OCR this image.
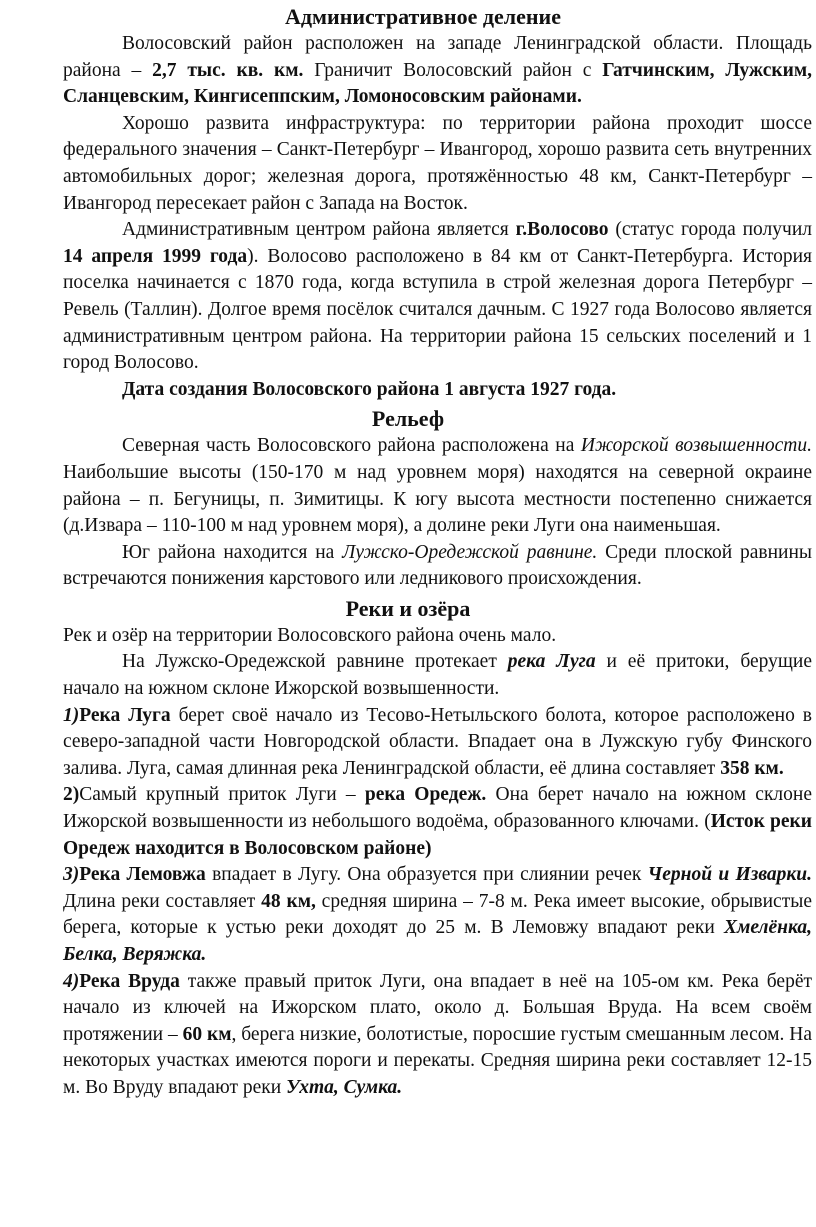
Административное деление

Волосовский район расположен на западе Ленинградской области. Площадь района – 2,7 тыс. кв. км. Граничит Волосовский район с Гатчинским, Лужским, Сланцевским, Кингисеппским, Ломоносовским районами.

Хорошо развита инфраструктура: по территории района проходит шоссе федерального значения – Санкт-Петербург – Ивангород, хорошо развита сеть внутренних автомобильных дорог; железная дорога, протяжённостью 48 км, Санкт-Петербург – Ивангород пересекает район с Запада на Восток.

Административным центром района является г.Волосово (статус города получил 14 апреля 1999 года). Волосово расположено в 84 км от Санкт-Петербурга. История поселка начинается с 1870 года, когда вступила в строй железная дорога Петербург – Ревель (Таллин). Долгое время посёлок считался дачным. С 1927 года Волосово является административным центром района. На территории района 15 сельских поселений и 1 город Волосово.

Дата создания Волосовского района 1 августа 1927 года.

Рельеф

Северная часть Волосовского района расположена на Ижорской возвышенности. Наибольшие высоты (150-170 м над уровнем моря) находятся на северной окраине района – п. Бегуницы, п. Зимитицы. К югу высота местности постепенно снижается (д.Извара – 110-100 м над уровнем моря), а долине реки Луги она наименьшая.

Юг района находится на Лужско-Оредежской равнине. Среди плоской равнины встречаются понижения карстового или ледникового происхождения.

Реки и озёра

Рек и озёр на территории Волосовского района очень мало.

На Лужско-Оредежской равнине протекает река Луга и её притоки, берущие начало на южном склоне Ижорской возвышенности.

1)Река Луга берет своё начало из Тесово-Нетыльского болота, которое расположено в северо-западной части Новгородской области. Впадает она в Лужскую губу Финского залива. Луга, самая длинная река Ленинградской области, её длина составляет 358 км.

2)Самый крупный приток Луги – река Оредеж. Она берет начало на южном склоне Ижорской возвышенности из небольшого водоёма, образованного ключами. (Исток реки Оредеж находится в Волосовском районе)

3)Река Лемовжа впадает в Лугу. Она образуется при слиянии речек Черной и Изварки. Длина реки составляет 48 км, средняя ширина – 7-8 м. Река имеет высокие, обрывистые берега, которые к устью реки доходят до 25 м. В Лемовжу впадают реки Хмелёнка, Белка, Веряжка.

4)Река Вруда также правый приток Луги, она впадает в неё на 105-ом км. Река берёт начало из ключей на Ижорском плато, около д. Большая Вруда. На всем своём протяжении – 60 км, берега низкие, болотистые, поросшие густым смешанным лесом. На некоторых участках имеются пороги и перекаты. Средняя ширина реки составляет 12-15 м. Во Вруду впадают реки Ухта, Сумка.
